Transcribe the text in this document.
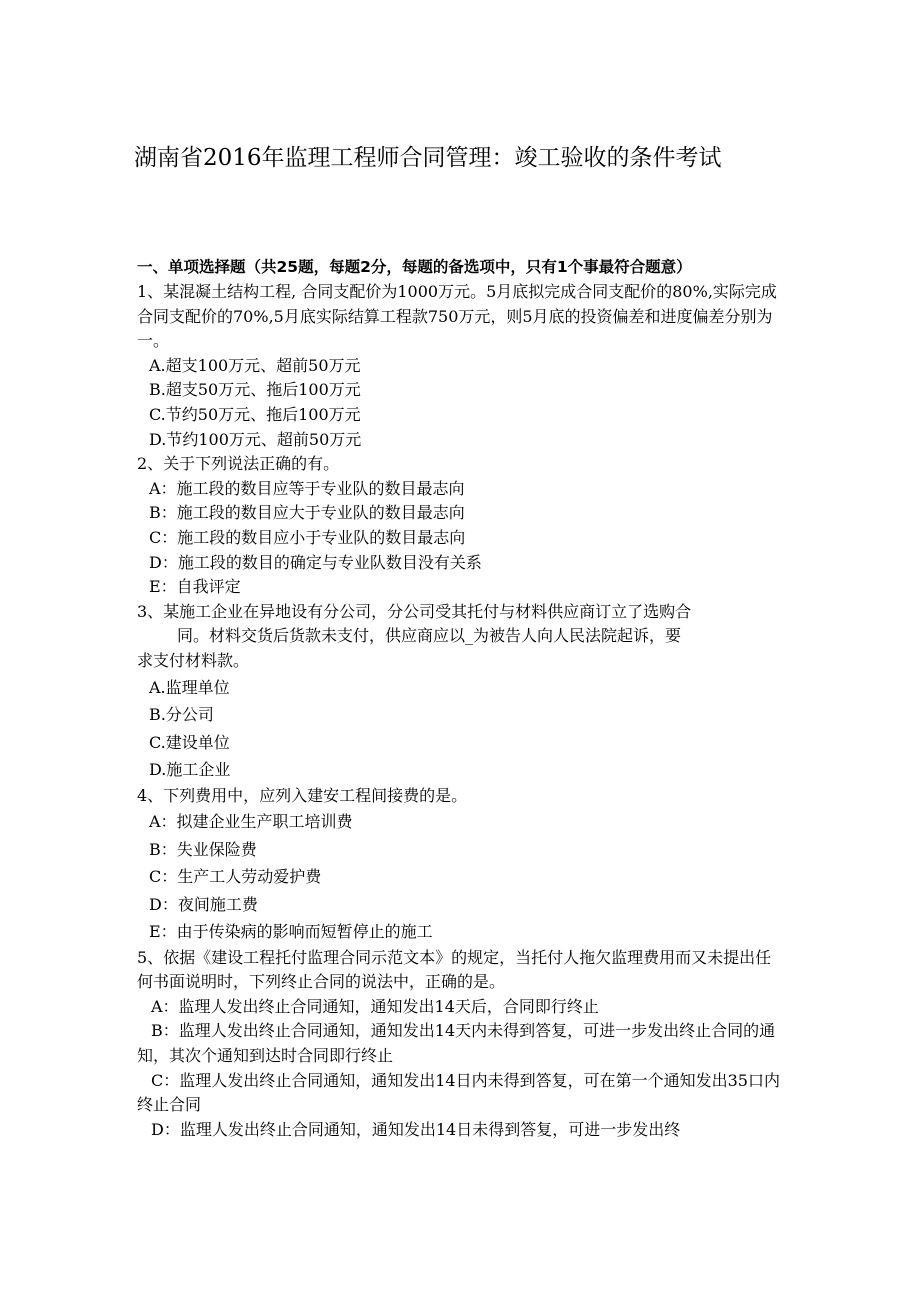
湖南省2016年监理工程师合同管理：竣工验收的条件考试
一、单项选择题（共25题，每题2分，每题的备选项中，只有1个事最符合题意）
1、某混凝土结构工程, 合同支配价为1000万元。5月底拟完成合同支配价的80%,实际完成合同支配价的70%,5月底实际结算工程款750万元，则5月底的投资偏差和进度偏差分别为一。
A.超支100万元、超前50万元
B.超支50万元、拖后100万元
C.节约50万元、拖后100万元
D.节约100万元、超前50万元
2、关于下列说法正确的有。
A：施工段的数目应等于专业队的数目最志向
B：施工段的数目应大于专业队的数目最志向
C：施工段的数目应小于专业队的数目最志向
D：施工段的数目的确定与专业队数目没有关系
E：自我评定
3、某施工企业在异地设有分公司，分公司受其托付与材料供应商订立了选购合
同。材料交货后货款未支付，供应商应以_为被告人向人民法院起诉，要
求支付材料款。
A.监理单位
B.分公司
C.建设单位
D.施工企业
4、下列费用中，应列入建安工程间接费的是。
A：拟建企业生产职工培训费
B：失业保险费
C：生产工人劳动爱护费
D：夜间施工费
E：由于传染病的影响而短暂停止的施工
5、依据《建设工程托付监理合同示范文本》的规定，当托付人拖欠监理费用而又未提出任何书面说明时，下列终止合同的说法中，正确的是。
A：监理人发出终止合同通知，通知发出14天后，合同即行终止
B：监理人发出终止合同通知，通知发出14天内未得到答复，可进一步发出终止合同的通知，其次个通知到达时合同即行终止
C：监理人发出终止合同通知，通知发出14日内未得到答复，可在第一个通知发出35口内终止合同
D：监理人发出终止合同通知，通知发出14日未得到答复，可进一步发出终
